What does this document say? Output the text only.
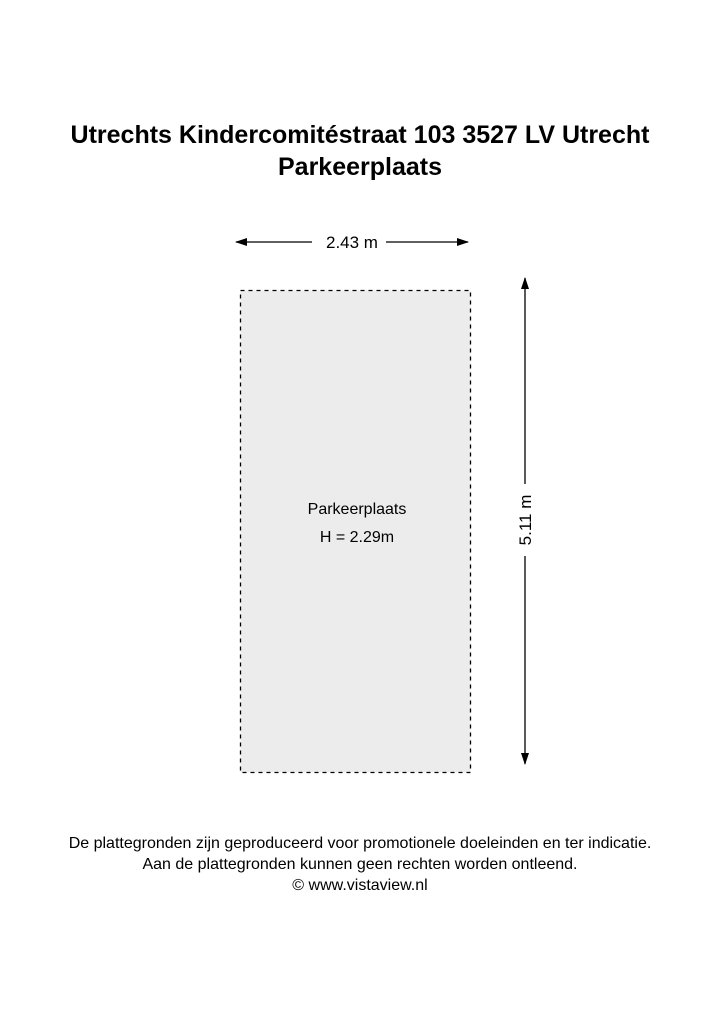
Utrechts Kindercomitéstraat 103 3527 LV Utrecht
Parkeerplaats
Parkeerplaats
H = 2.29m
2.43 m
5.11 m
De plattegronden zijn geproduceerd voor promotionele doeleinden en ter indicatie.
Aan de plattegronden kunnen geen rechten worden ontleend.
© www.vistaview.nl
